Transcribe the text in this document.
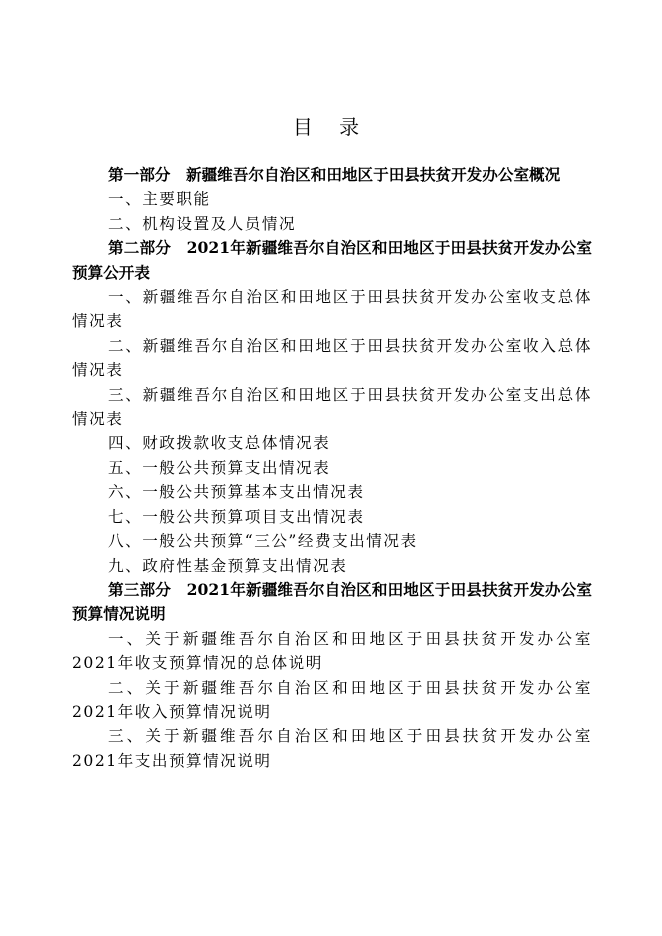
目 录

第一部分　新疆维吾尔自治区和田地区于田县扶贫开发办公室概况

一、主要职能

二、机构设置及人员情况

第二部分　2021年新疆维吾尔自治区和田地区于田县扶贫开发办公室预算公开表

一、新疆维吾尔自治区和田地区于田县扶贫开发办公室收支总体情况表

二、新疆维吾尔自治区和田地区于田县扶贫开发办公室收入总体情况表

三、新疆维吾尔自治区和田地区于田县扶贫开发办公室支出总体情况表

四、财政拨款收支总体情况表

五、一般公共预算支出情况表

六、一般公共预算基本支出情况表

七、一般公共预算项目支出情况表

八、一般公共预算“三公”经费支出情况表

九、政府性基金预算支出情况表

第三部分　2021年新疆维吾尔自治区和田地区于田县扶贫开发办公室预算情况说明

一、关于新疆维吾尔自治区和田地区于田县扶贫开发办公室2021年收支预算情况的总体说明

二、关于新疆维吾尔自治区和田地区于田县扶贫开发办公室2021年收入预算情况说明

三、关于新疆维吾尔自治区和田地区于田县扶贫开发办公室2021年支出预算情况说明
